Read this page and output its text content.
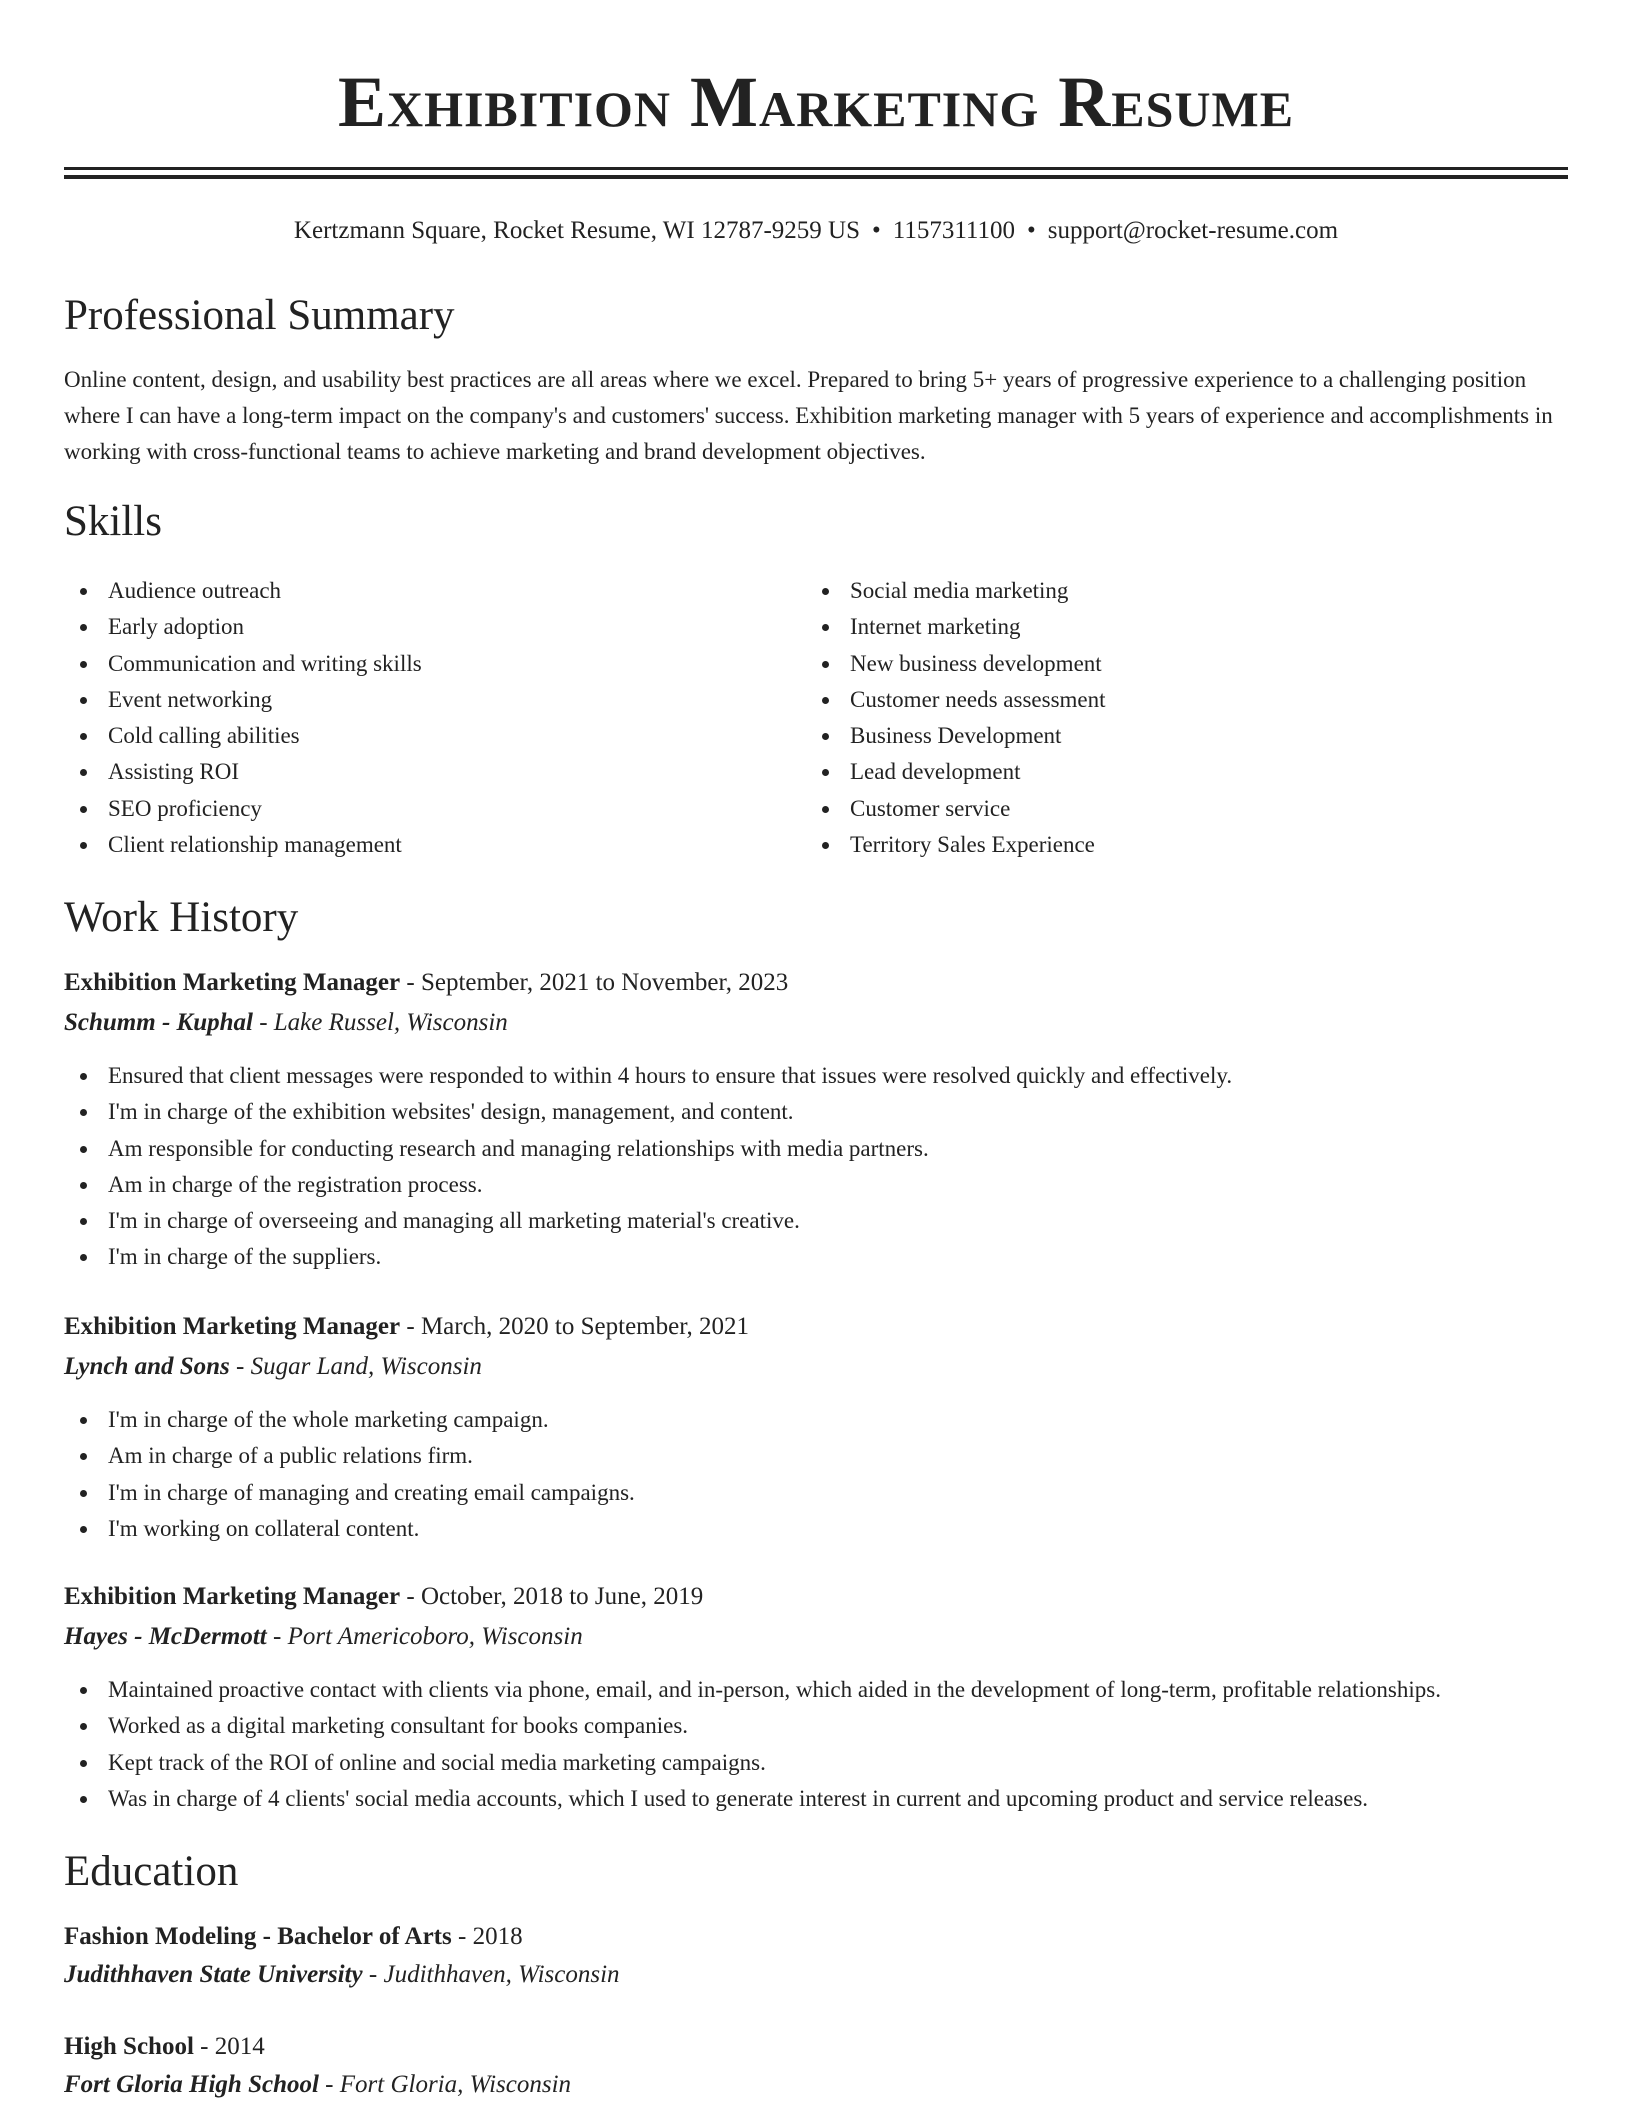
Exhibition Marketing Resume
Kertzmann Square, Rocket Resume, WI 12787-9259 US • 1157311100 • support@rocket-resume.com
Professional Summary

Online content, design, and usability best practices are all areas where we excel. Prepared to bring 5+ years of progressive experience to a challenging position where I can have a long-term impact on the company's and customers' success. Exhibition marketing manager with 5 years of experience and accomplishments in working with cross-functional teams to achieve marketing and brand development objectives.

Skills
Audience outreach
Early adoption
Communication and writing skills
Event networking
Cold calling abilities
Assisting ROI
SEO proficiency
Client relationship management
Social media marketing
Internet marketing
New business development
Customer needs assessment
Business Development
Lead development
Customer service
Territory Sales Experience
Work History
Exhibition Marketing Manager - September, 2021 to November, 2023
Schumm - Kuphal - Lake Russel, Wisconsin
Ensured that client messages were responded to within 4 hours to ensure that issues were resolved quickly and effectively.
I'm in charge of the exhibition websites' design, management, and content.
Am responsible for conducting research and managing relationships with media partners.
Am in charge of the registration process.
I'm in charge of overseeing and managing all marketing material's creative.
I'm in charge of the suppliers.
Exhibition Marketing Manager - March, 2020 to September, 2021
Lynch and Sons - Sugar Land, Wisconsin
I'm in charge of the whole marketing campaign.
Am in charge of a public relations firm.
I'm in charge of managing and creating email campaigns.
I'm working on collateral content.
Exhibition Marketing Manager - October, 2018 to June, 2019
Hayes - McDermott - Port Americoboro, Wisconsin
Maintained proactive contact with clients via phone, email, and in-person, which aided in the development of long-term, profitable relationships.
Worked as a digital marketing consultant for books companies.
Kept track of the ROI of online and social media marketing campaigns.
Was in charge of 4 clients' social media accounts, which I used to generate interest in current and upcoming product and service releases.
Education
Fashion Modeling - Bachelor of Arts - 2018
Judithhaven State University - Judithhaven, Wisconsin
High School - 2014
Fort Gloria High School - Fort Gloria, Wisconsin
